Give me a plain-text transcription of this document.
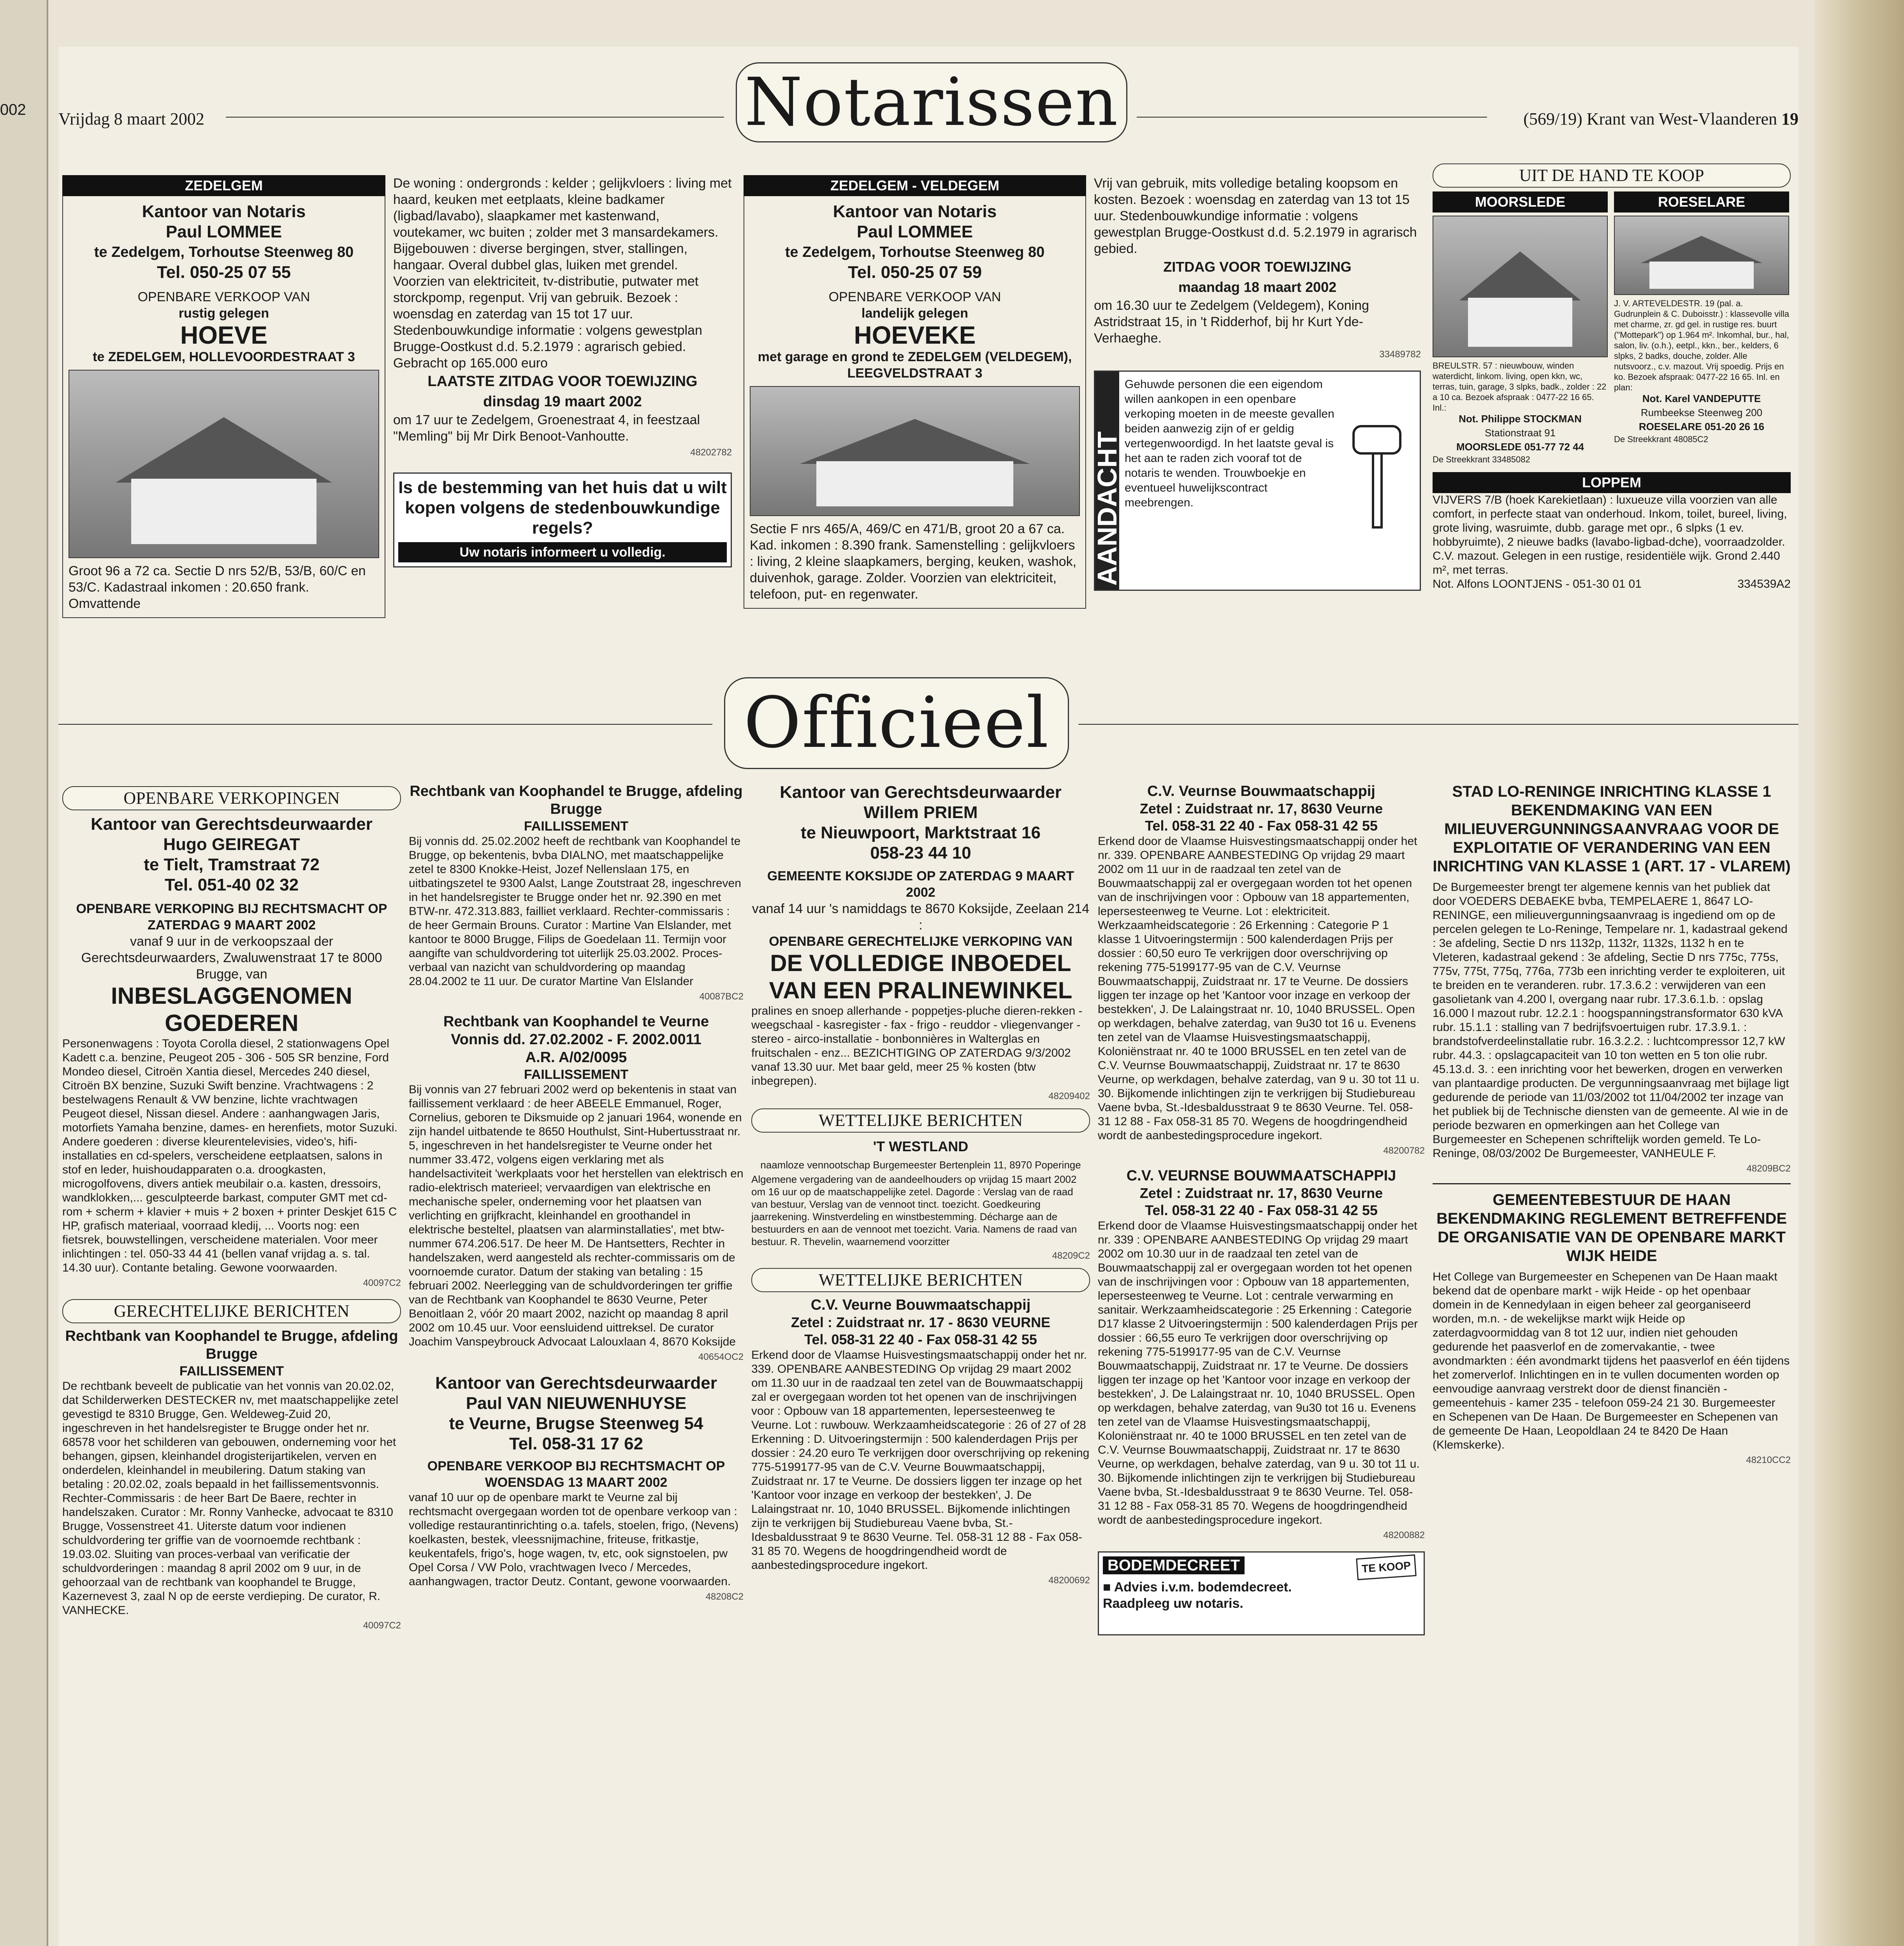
002 Vrijdag 8 maart 2002	Notarissen	(569/19) Krant van West-Vlaanderen 19
ZEDELGEM
Kantoor van Notaris
Paul LOMMEE
te Zedelgem, Torhoutse Steenweg 80
Tel. 050-25 07 55
OPENBARE VERKOOP VAN
rustig gelegen
HOEVE
te ZEDELGEM, HOLLEVOORDESTRAAT 3
Groot 96 a 72 ca. Sectie D nrs 52/B, 53/B, 60/C en 53/C. Kadastraal inkomen : 20.650 frank. Omvattende
De woning : ondergronds : kelder ; gelijkvloers : living met haard, keuken met eetplaats, kleine badkamer (ligbad/lavabo), slaapkamer met kastenwand, voutekamer, wc buiten ; zolder met 3 mansardekamers. Bijgebouwen : diverse bergingen, stver, stallingen, hangaar. Overal dubbel glas, luiken met grendel. Voorzien van elektriciteit, tv-distributie, putwater met storckpomp, regenput. Vrij van gebruik. Bezoek : woensdag en zaterdag van 15 tot 17 uur. Stedenbouwkundige informatie : volgens gewestplan Brugge-Oostkust d.d. 5.2.1979 : agrarisch gebied. Gebracht op 165.000 euro
LAATSTE ZITDAG VOOR TOEWIJZING
dinsdag 19 maart 2002
om 17 uur te Zedelgem, Groenestraat 4, in feestzaal "Memling" bij Mr Dirk Benoot-Vanhoutte.
48202782
Is de bestemming van het huis dat u wilt kopen volgens de stedenbouwkundige regels?
Uw notaris informeert u volledig.
ZEDELGEM - VELDEGEM
Kantoor van Notaris
Paul LOMMEE
te Zedelgem, Torhoutse Steenweg 80
Tel. 050-25 07 59
OPENBARE VERKOOP VAN
landelijk gelegen
HOEVEKE
met garage en grond te ZEDELGEM (VELDEGEM), LEEGVELDSTRAAT 3
Sectie F nrs 465/A, 469/C en 471/B, groot 20 a 67 ca. Kad. inkomen : 8.390 frank. Samenstelling : gelijkvloers : living, 2 kleine slaapkamers, berging, keuken, washok, duivenhok, garage. Zolder. Voorzien van elektriciteit, telefoon, put- en regenwater.
Vrij van gebruik, mits volledige betaling koopsom en kosten. Bezoek : woensdag en zaterdag van 13 tot 15 uur. Stedenbouwkundige informatie : volgens gewestplan Brugge-Oostkust d.d. 5.2.1979 in agrarisch gebied.
ZITDAG VOOR TOEWIJZING
maandag 18 maart 2002
om 16.30 uur te Zedelgem (Veldegem), Koning Astridstraat 15, in 't Ridderhof, bij hr Kurt Yde-Verhaeghe.
33489782
AANDACHT
Gehuwde personen die een eigendom willen aankopen in een openbare verkoping moeten in de meeste gevallen beiden aanwezig zijn of er geldig vertegenwoordigd. In het laatste geval is het aan te raden zich vooraf tot de notaris te wenden. Trouwboekje en eventueel huwelijkscontract meebrengen.
UIT DE HAND TE KOOP
MOORSLEDE
BREULSTR. 57 : nieuwbouw, winden waterdicht, linkom. living, open kkn, wc, terras, tuin, garage, 3 slpks, badk., zolder : 22 a 10 ca. Bezoek afspraak : 0477-22 16 65. Inl.:
Not. Philippe STOCKMAN
Stationstraat 91
MOORSLEDE 051-77 72 44
De Streekkrant 33485082
ROESELARE
J. V. ARTEVELDESTR. 19 (pal. a. Gudrunplein & C. Duboisstr.) : klassevolle villa met charme, zr. gd gel. in rustige res. buurt ("Mottepark") op 1.964 m². Inkomhal, bur., hal, salon, liv. (o.h.), eetpl., kkn., ber., kelders, 6 slpks, 2 badks, douche, zolder. Alle nutsvoorz., c.v. mazout. Vrij spoedig. Prijs en ko. Bezoek afspraak: 0477-22 16 65. Inl. en plan:
Not. Karel VANDEPUTTE
Rumbeekse Steenweg 200
ROESELARE 051-20 26 16
De Streekkrant 48085C2
LOPPEM
VIJVERS 7/B (hoek Karekietlaan) : luxueuze villa voorzien van alle comfort, in perfecte staat van onderhoud. Inkom, toilet, bureel, living, grote living, wasruimte, dubb. garage met opr., 6 slpks (1 ev. hobbyruimte), 2 nieuwe badks (lavabo-ligbad-dche), voorraadzolder. C.V. mazout. Gelegen in een rustige, residentiële wijk. Grond 2.440 m², met terras.
Not. Alfons LOONTJENS - 051-30 01 01	334539A2
Officieel
OPENBARE VERKOPINGEN
Kantoor van Gerechtsdeurwaarder
Hugo GEIREGAT
te Tielt, Tramstraat 72
Tel. 051-40 02 32
OPENBARE VERKOPING BIJ RECHTSMACHT OP ZATERDAG 9 MAART 2002
vanaf 9 uur in de verkoopszaal der Gerechtsdeurwaarders, Zwaluwenstraat 17 te 8000 Brugge, van
INBESLAGGENOMEN GOEDEREN
Personenwagens : Toyota Corolla diesel, 2 stationwagens Opel Kadett c.a. benzine, Peugeot 205 - 306 - 505 SR benzine, Ford Mondeo diesel, Citroën Xantia diesel, Mercedes 240 diesel, Citroën BX benzine, Suzuki Swift benzine. Vrachtwagens : 2 bestelwagens Renault & VW benzine, lichte vrachtwagen Peugeot diesel, Nissan diesel. Andere : aanhangwagen Jaris, motorfiets Yamaha benzine, dames- en herenfiets, motor Suzuki. Andere goederen : diverse kleurentelevisies, video's, hifi-installaties en cd-spelers, verscheidene eetplaatsen, salons in stof en leder, huishoudapparaten o.a. droogkasten, microgolfovens, divers antiek meubilair o.a. kasten, dressoirs, wandklokken,... gesculpteerde barkast, computer GMT met cd-rom + scherm + klavier + muis + 2 boxen + printer Deskjet 615 C HP, grafisch materiaal, voorraad kledij, ... Voorts nog: een fietsrek, bouwstellingen, verscheidene materialen. Voor meer inlichtingen : tel. 050-33 44 41 (bellen vanaf vrijdag a. s. tal. 14.30 uur). Contante betaling. Gewone voorwaarden.
40097C2
GERECHTELIJKE BERICHTEN
Rechtbank van Koophandel te Brugge, afdeling Brugge
FAILLISSEMENT
De rechtbank beveelt de publicatie van het vonnis van 20.02.02, dat Schilderwerken DESTECKER nv, met maatschappelijke zetel gevestigd te 8310 Brugge, Gen. Weldeweg-Zuid 20, ingeschreven in het handelsregister te Brugge onder het nr. 68578 voor het schilderen van gebouwen, onderneming voor het behangen, gipsen, kleinhandel drogisterijartikelen, verven en onderdelen, kleinhandel in meubilering. Datum staking van betaling : 20.02.02, zoals bepaald in het faillissementsvonnis. Rechter-Commissaris : de heer Bart De Baere, rechter in handelszaken. Curator : Mr. Ronny Vanhecke, advocaat te 8310 Brugge, Vossenstreet 41. Uiterste datum voor indienen schuldvordering ter griffie van de voornoemde rechtbank : 19.03.02. Sluiting van proces-verbaal van verificatie der schuldvorderingen : maandag 8 april 2002 om 9 uur, in de gehoorzaal van de rechtbank van koophandel te Brugge, Kazernevest 3, zaal N op de eerste verdieping. De curator, R. VANHECKE.
40097C2
Rechtbank van Koophandel te Brugge, afdeling Brugge
FAILLISSEMENT
Bij vonnis dd. 25.02.2002 heeft de rechtbank van Koophandel te Brugge, op bekentenis, bvba DIALNO, met maatschappelijke zetel te 8300 Knokke-Heist, Jozef Nellenslaan 175, en uitbatingszetel te 9300 Aalst, Lange Zoutstraat 28, ingeschreven in het handelsregister te Brugge onder het nr. 92.390 en met BTW-nr. 472.313.883, failliet verklaard. Rechter-commissaris : de heer Germain Brouns. Curator : Martine Van Elslander, met kantoor te 8000 Brugge, Filips de Goedelaan 11. Termijn voor aangifte van schuldvordering tot uiterlijk 25.03.2002. Proces-verbaal van nazicht van schuldvordering op maandag 28.04.2002 te 11 uur. De curator Martine Van Elslander
40087BC2
Rechtbank van Koophandel te Veurne
Vonnis dd. 27.02.2002 - F. 2002.0011
A.R. A/02/0095
FAILLISSEMENT
Bij vonnis van 27 februari 2002 werd op bekentenis in staat van faillissement verklaard : de heer ABEELE Emmanuel, Roger, Cornelius, geboren te Diksmuide op 2 januari 1964, wonende en zijn handel uitbatende te 8650 Houthulst, Sint-Hubertusstraat nr. 5, ingeschreven in het handelsregister te Veurne onder het nummer 33.472, volgens eigen verklaring met als handelsactiviteit 'werkplaats voor het herstellen van elektrisch en radio-elektrisch materieel; vervaardigen van elektrische en mechanische speler, onderneming voor het plaatsen van verlichting en grijfkracht, kleinhandel en groothandel in elektrische besteltel, plaatsen van alarminstallaties', met btw-nummer 674.206.517. De heer M. De Hantsetters, Rechter in handelszaken, werd aangesteld als rechter-commissaris om de voornoemde curator. Datum der staking van betaling : 15 februari 2002. Neerlegging van de schuldvorderingen ter griffie van de Rechtbank van Koophandel te 8630 Veurne, Peter Benoitlaan 2, vóór 20 maart 2002, nazicht op maandag 8 april 2002 om 10.45 uur. Voor eensluidend uittreksel. De curator Joachim Vanspeybrouck Advocaat Lalouxlaan 4, 8670 Koksijde
40654OC2
Kantoor van Gerechtsdeurwaarder
Paul VAN NIEUWENHUYSE
te Veurne, Brugse Steenweg 54
Tel. 058-31 17 62
OPENBARE VERKOOP BIJ RECHTSMACHT OP WOENSDAG 13 MAART 2002
vanaf 10 uur op de openbare markt te Veurne zal bij rechtsmacht overgegaan worden tot de openbare verkoop van : volledige restaurantinrichting o.a. tafels, stoelen, frigo, (Nevens) koelkasten, bestek, vleessnijmachine, friteuse, fritkastje, keukentafels, frigo's, hoge wagen, tv, etc, ook signstoelen, pw Opel Corsa / VW Polo, vrachtwagen Iveco / Mercedes, aanhangwagen, tractor Deutz. Contant, gewone voorwaarden.
48208C2
Kantoor van Gerechtsdeurwaarder
Willem PRIEM
te Nieuwpoort, Marktstraat 16
058-23 44 10
GEMEENTE KOKSIJDE OP ZATERDAG 9 MAART 2002
vanaf 14 uur 's namiddags te 8670 Koksijde, Zeelaan 214 :
OPENBARE GERECHTELIJKE VERKOPING VAN
DE VOLLEDIGE INBOEDEL VAN EEN PRALINEWINKEL
pralines en snoep allerhande - poppetjes-pluche dieren-rekken - weegschaal - kasregister - fax - frigo - reuddor - vliegenvanger - stereo - airco-installatie - bonbonnières in Walterglas en fruitschalen - enz... BEZICHTIGING OP ZATERDAG 9/3/2002 vanaf 13.30 uur. Met baar geld, meer 25 % kosten (btw inbegrepen).
48209402
WETTELIJKE BERICHTEN
'T WESTLAND
naamloze vennootschap Burgemeester Bertenplein 11, 8970 Poperinge
Algemene vergadering van de aandeelhouders op vrijdag 15 maart 2002 om 16 uur op de maatschappelijke zetel. Dagorde : Verslag van de raad van bestuur, Verslag van de vennoot tinct. toezicht. Goedkeuring jaarrekening. Winstverdeling en winstbestemming. Décharge aan de bestuurders en aan de vennoot met toezicht. Varia. Namens de raad van bestuur. R. Thevelin, waarnemend voorzitter
48209C2
WETTELIJKE BERICHTEN
C.V. Veurne Bouwmaatschappij
Zetel : Zuidstraat nr. 17 - 8630 VEURNE
Tel. 058-31 22 40 - Fax 058-31 42 55
Erkend door de Vlaamse Huisvestingsmaatschappij onder het nr. 339. OPENBARE AANBESTEDING Op vrijdag 29 maart 2002 om 11.30 uur in de raadzaal ten zetel van de Bouwmaatschappij zal er overgegaan worden tot het openen van de inschrijvingen voor : Opbouw van 18 appartementen, lepersesteenweg te Veurne. Lot : ruwbouw. Werkzaamheidscategorie : 26 of 27 of 28 Erkenning : D. Uitvoeringstermijn : 500 kalenderdagen Prijs per dossier : 24.20 euro Te verkrijgen door overschrijving op rekening 775-5199177-95 van de C.V. Veurne Bouwmaatschappij, Zuidstraat nr. 17 te Veurne. De dossiers liggen ter inzage op het 'Kantoor voor inzage en verkoop der bestekken', J. De Lalaingstraat nr. 10, 1040 BRUSSEL. Bijkomende inlichtingen zijn te verkrijgen bij Studiebureau Vaene bvba, St.-Idesbaldusstraat 9 te 8630 Veurne. Tel. 058-31 12 88 - Fax 058-31 85 70. Wegens de hoogdringendheid wordt de aanbestedingsprocedure ingekort.
48200692
C.V. Veurnse Bouwmaatschappij
Zetel : Zuidstraat nr. 17, 8630 Veurne
Tel. 058-31 22 40 - Fax 058-31 42 55
Erkend door de Vlaamse Huisvestingsmaatschappij onder het nr. 339. OPENBARE AANBESTEDING Op vrijdag 29 maart 2002 om 11 uur in de raadzaal ten zetel van de Bouwmaatschappij zal er overgegaan worden tot het openen van de inschrijvingen voor : Opbouw van 18 appartementen, lepersesteenweg te Veurne. Lot : elektriciteit. Werkzaamheidscategorie : 26 Erkenning : Categorie P 1 klasse 1 Uitvoeringstermijn : 500 kalenderdagen Prijs per dossier : 60,50 euro Te verkrijgen door overschrijving op rekening 775-5199177-95 van de C.V. Veurnse Bouwmaatschappij, Zuidstraat nr. 17 te Veurne. De dossiers liggen ter inzage op het 'Kantoor voor inzage en verkoop der bestekken', J. De Lalaingstraat nr. 10, 1040 BRUSSEL. Open op werkdagen, behalve zaterdag, van 9u30 tot 16 u. Evenens ten zetel van de Vlaamse Huisvestingsmaatschappij, Koloniënstraat nr. 40 te 1000 BRUSSEL en ten zetel van de C.V. Veurnse Bouwmaatschappij, Zuidstraat nr. 17 te 8630 Veurne, op werkdagen, behalve zaterdag, van 9 u. 30 tot 11 u. 30. Bijkomende inlichtingen zijn te verkrijgen bij Studiebureau Vaene bvba, St.-Idesbaldusstraat 9 te 8630 Veurne. Tel. 058-31 12 88 - Fax 058-31 85 70. Wegens de hoogdringendheid wordt de aanbestedingsprocedure ingekort.
48200782
C.V. VEURNSE BOUWMAATSCHAPPIJ
Zetel : Zuidstraat nr. 17, 8630 Veurne
Tel. 058-31 22 40 - Fax 058-31 42 55
Erkend door de Vlaamse Huisvestingsmaatschappij onder het nr. 339 : OPENBARE AANBESTEDING Op vrijdag 29 maart 2002 om 10.30 uur in de raadzaal ten zetel van de Bouwmaatschappij zal er overgegaan worden tot het openen van de inschrijvingen voor : Opbouw van 18 appartementen, lepersesteenweg te Veurne. Lot : centrale verwarming en sanitair. Werkzaamheidscategorie : 25 Erkenning : Categorie D17 klasse 2 Uitvoeringstermijn : 500 kalenderdagen Prijs per dossier : 66,55 euro Te verkrijgen door overschrijving op rekening 775-5199177-95 van de C.V. Veurnse Bouwmaatschappij, Zuidstraat nr. 17 te Veurne. De dossiers liggen ter inzage op het 'Kantoor voor inzage en verkoop der bestekken', J. De Lalaingstraat nr. 10, 1040 BRUSSEL. Open op werkdagen, behalve zaterdag, van 9u30 tot 16 u. Evenens ten zetel van de Vlaamse Huisvestingsmaatschappij, Koloniënstraat nr. 40 te 1000 BRUSSEL en ten zetel van de C.V. Veurnse Bouwmaatschappij, Zuidstraat nr. 17 te 8630 Veurne, op werkdagen, behalve zaterdag, van 9 u. 30 tot 11 u. 30. Bijkomende inlichtingen zijn te verkrijgen bij Studiebureau Vaene bvba, St.-Idesbaldusstraat 9 te 8630 Veurne. Tel. 058-31 12 88 - Fax 058-31 85 70. Wegens de hoogdringendheid wordt de aanbestedingsprocedure ingekort.
48200882
BODEMDECREET	TE KOOP
■ Advies i.v.m. bodemdecreet.
Raadpleeg uw notaris.
STAD LO-RENINGE INRICHTING KLASSE 1 BEKENDMAKING VAN EEN MILIEUVERGUNNINGSAANVRAAG VOOR DE EXPLOITATIE OF VERANDERING VAN EEN INRICHTING VAN KLASSE 1 (ART. 17 - VLAREM)
De Burgemeester brengt ter algemene kennis van het publiek dat door VOEDERS DEBAEKE bvba, TEMPELAERE 1, 8647 LO-RENINGE, een milieuvergunningsaanvraag is ingediend om op de percelen gelegen te Lo-Reninge, Tempelare nr. 1, kadastraal gekend : 3e afdeling, Sectie D nrs 1132p, 1132r, 1132s, 1132 h en te Vleteren, kadastraal gekend : 3e afdeling, Sectie D nrs 775c, 775s, 775v, 775t, 775q, 776a, 773b een inrichting verder te exploiteren, uit te breiden en te veranderen. rubr. 17.3.6.2 : verwijderen van een gasolietank van 4.200 l, overgang naar rubr. 17.3.6.1.b. : opslag 16.000 l mazout rubr. 12.2.1 : hoogspanningstransformator 630 kVA rubr. 15.1.1 : stalling van 7 bedrijfsvoertuigen rubr. 17.3.9.1. : brandstofverdeelinstallatie rubr. 16.3.2.2. : luchtcompressor 12,7 kW rubr. 44.3. : opslagcapaciteit van 10 ton wetten en 5 ton olie rubr. 45.13.d. 3. : een inrichting voor het bewerken, drogen en verwerken van plantaardige producten. De vergunningsaanvraag met bijlage ligt gedurende de periode van 11/03/2002 tot 11/04/2002 ter inzage van het publiek bij de Technische diensten van de gemeente. Al wie in de periode bezwaren en opmerkingen aan het College van Burgemeester en Schepenen schriftelijk worden gemeld. Te Lo-Reninge, 08/03/2002 De Burgemeester, VANHEULE F.
48209BC2
GEMEENTEBESTUUR DE HAAN BEKENDMAKING REGLEMENT BETREFFENDE DE ORGANISATIE VAN DE OPENBARE MARKT WIJK HEIDE
Het College van Burgemeester en Schepenen van De Haan maakt bekend dat de openbare markt - wijk Heide - op het openbaar domein in de Kennedylaan in eigen beheer zal georganiseerd worden, m.n. - de wekelijkse markt wijk Heide op zaterdagvoormiddag van 8 tot 12 uur, indien niet gehouden gedurende het paasverlof en de zomervakantie, - twee avondmarkten : één avondmarkt tijdens het paasverlof en één tijdens het zomerverlof. Inlichtingen en in te vullen documenten worden op eenvoudige aanvraag verstrekt door de dienst financiën - gemeentehuis - kamer 235 - telefoon 059-24 21 30. Burgemeester en Schepenen van De Haan. De Burgemeester en Schepenen van de gemeente De Haan, Leopoldlaan 24 te 8420 De Haan (Klemskerke).
48210CC2
